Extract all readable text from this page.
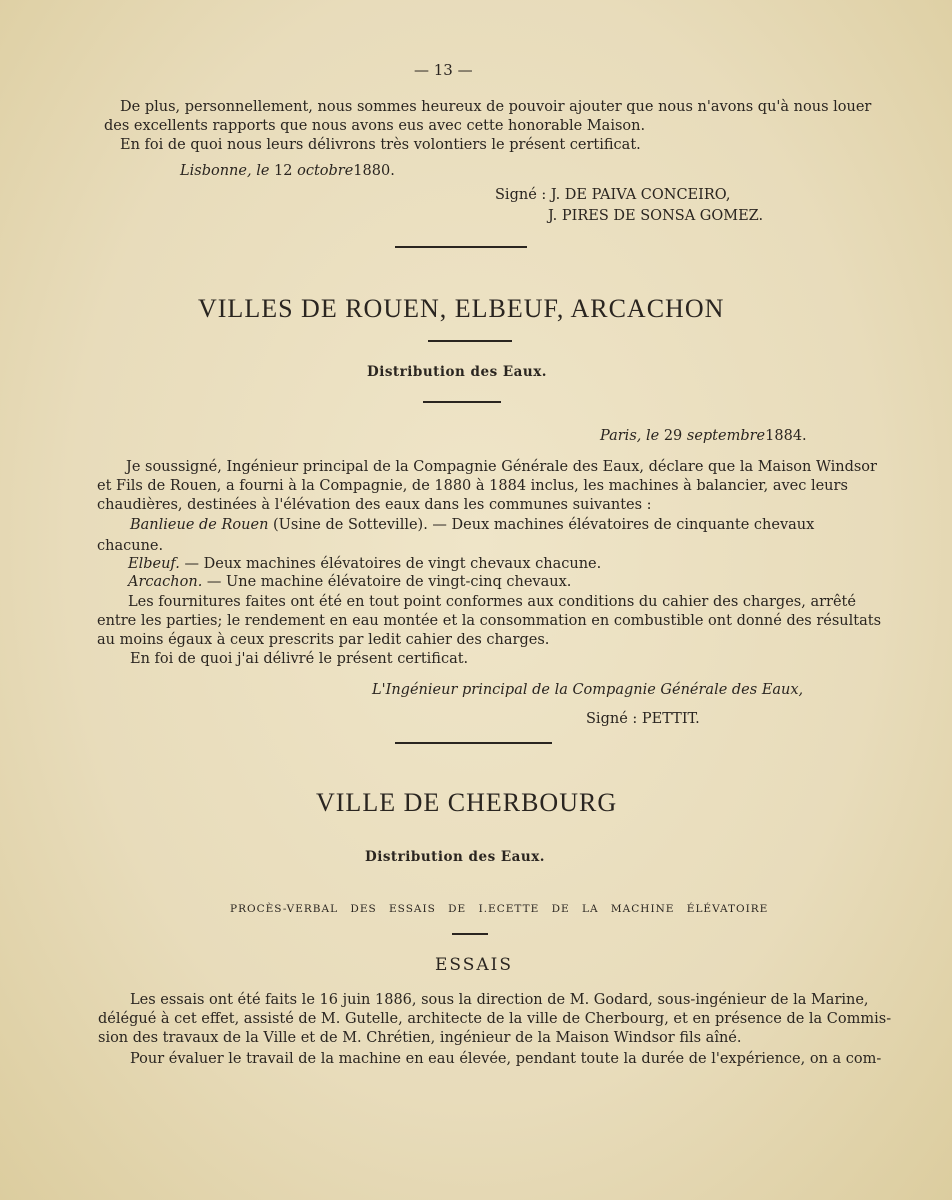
— 13 —
De plus, personnellement, nous sommes heureux de pouvoir ajouter que nous n'avons qu'à nous louer
des excellents rapports que nous avons eus avec cette honorable Maison.
En foi de quoi nous leurs délivrons très volontiers le présent certificat.
Lisbonne, le 12 octobre1880.
Signé : J. DE PAIVA CONCEIRO,
J. PIRES DE SONSA GOMEZ.
VILLES DE ROUEN, ELBEUF, ARCACHON
Distribution des Eaux.
Paris, le 29 septembre1884.
Je soussigné, Ingénieur principal de la Compagnie Générale des Eaux, déclare que la Maison Windsor
et Fils de Rouen, a fourni à la Compagnie, de 1880 à 1884 inclus, les machines à balancier, avec leurs
chaudières, destinées à l'élévation des eaux dans les communes suivantes :
Banlieue de Rouen (Usine de Sotteville). — Deux machines élévatoires de cinquante chevaux
chacune.
Elbeuf. — Deux machines élévatoires de vingt chevaux chacune.
Arcachon. — Une machine élévatoire de vingt-cinq chevaux.
Les fournitures faites ont été en tout point conformes aux conditions du cahier des charges, arrêté
entre les parties; le rendement en eau montée et la consommation en combustible ont donné des résultats
au moins égaux à ceux prescrits par ledit cahier des charges.
En foi de quoi j'ai délivré le présent certificat.
L'Ingénieur principal de la Compagnie Générale des Eaux,
Signé : PETTIT.
VILLE DE CHERBOURG
Distribution des Eaux.
PROCÈS-VERBAL DES ESSAIS DE I.ECETTE DE LA MACHINE ÉLÉVATOIRE
ESSAIS
Les essais ont été faits le 16 juin 1886, sous la direction de M. Godard, sous-ingénieur de la Marine,
délégué à cet effet, assisté de M. Gutelle, architecte de la ville de Cherbourg, et en présence de la Commis-
sion des travaux de la Ville et de M. Chrétien, ingénieur de la Maison Windsor fils aîné.
Pour évaluer le travail de la machine en eau élevée, pendant toute la durée de l'expérience, on a com-
